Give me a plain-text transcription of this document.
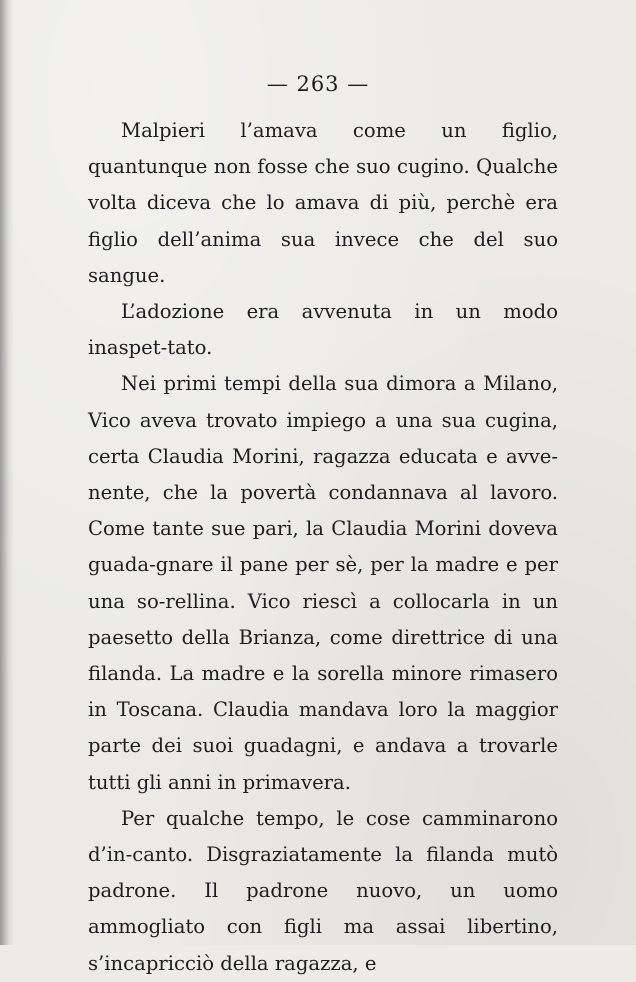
— 263 —

Malpieri l’amava come un figlio, quantunque non fosse che suo cugino. Qualche volta diceva che lo amava di più, perchè era figlio dell’anima sua invece che del suo sangue.

L’adozione era avvenuta in un modo inaspet-tato.

Nei primi tempi della sua dimora a Milano, Vico aveva trovato impiego a una sua cugina, certa Claudia Morini, ragazza educata e avve-nente, che la povertà condannava al lavoro. Come tante sue pari, la Claudia Morini doveva guada-gnare il pane per sè, per la madre e per una so-rellina. Vico riescì a collocarla in un paesetto della Brianza, come direttrice di una filanda. La madre e la sorella minore rimasero in Toscana. Claudia mandava loro la maggior parte dei suoi guadagni, e andava a trovarle tutti gli anni in primavera.

Per qualche tempo, le cose camminarono d’in-canto. Disgraziatamente la filanda mutò padrone. Il padrone nuovo, un uomo ammogliato con figli ma assai libertino, s’incapricciò della ragazza, e
